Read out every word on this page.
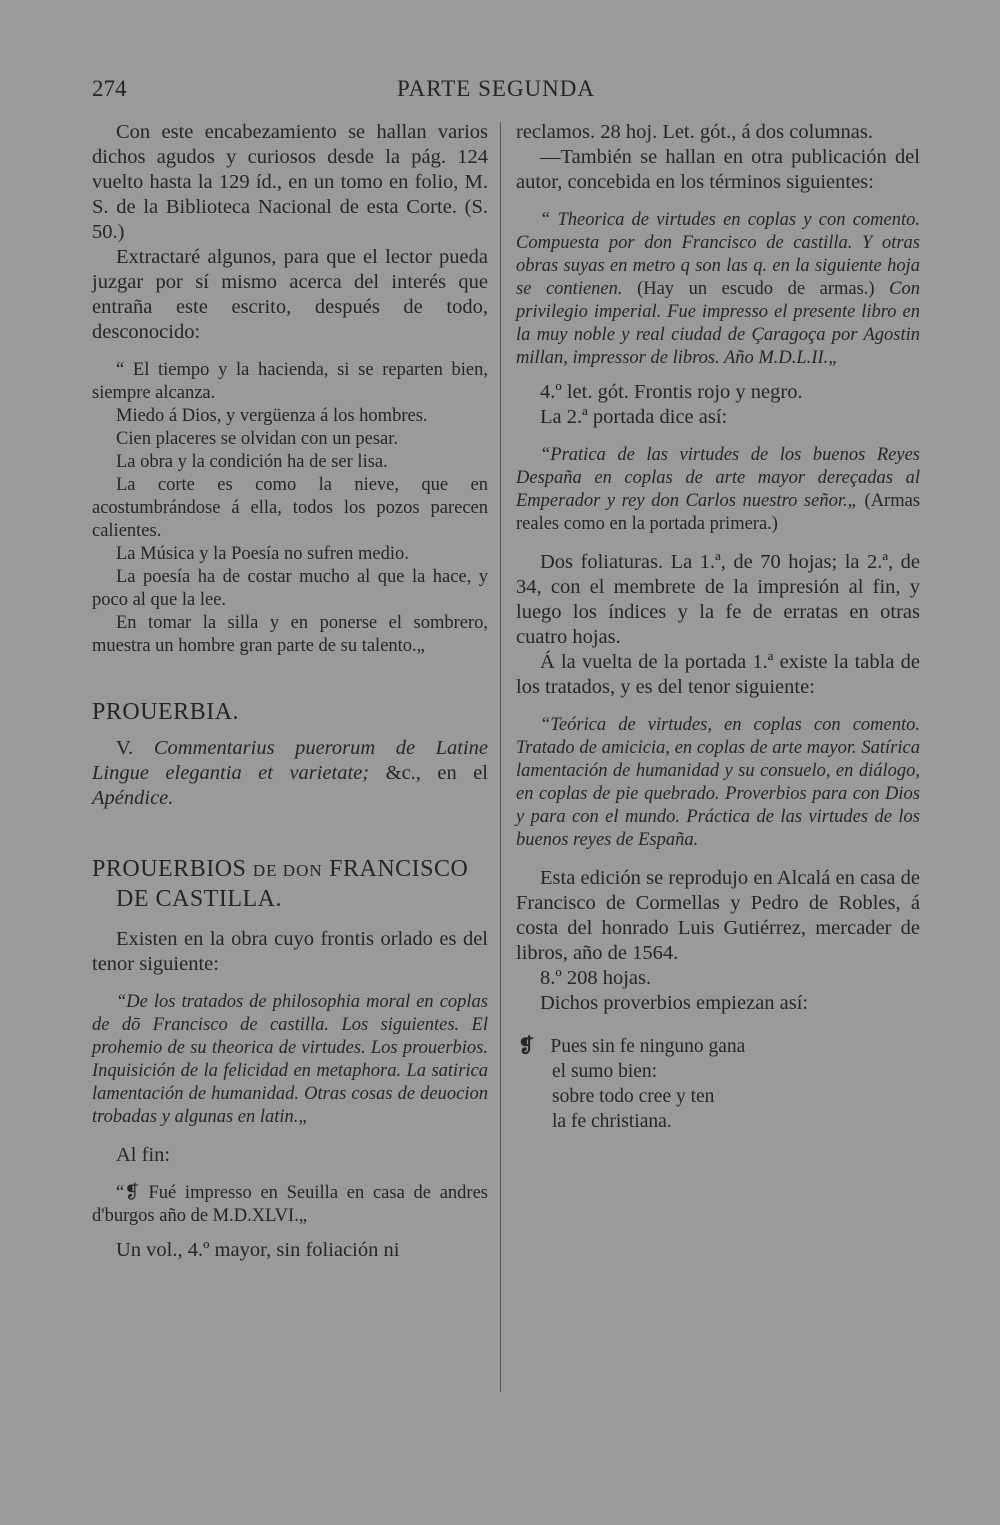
274	PARTE SEGUNDA

Con este encabezamiento se hallan varios dichos agudos y curiosos desde la pág. 124 vuelto hasta la 129 íd., en un tomo en folio, M. S. de la Biblioteca Nacional de esta Corte. (S. 50.)

Extractaré algunos, para que el lector pueda juzgar por sí mismo acerca del interés que entraña este escrito, después de todo, desconocido:

“ El tiempo y la hacienda, si se reparten bien, siempre alcanza.

Miedo á Dios, y vergüenza á los hombres.

Cien placeres se olvidan con un pesar.

La obra y la condición ha de ser lisa.

La corte es como la nieve, que en acostumbrándose á ella, todos los pozos parecen calientes.

La Música y la Poesía no sufren medio.

La poesía ha de costar mucho al que la hace, y poco al que la lee.

En tomar la silla y en ponerse el sombrero, muestra un hombre gran parte de su talento.„

PROUERBIA.

V. Commentarius puerorum de Latine Lingue elegantia et varietate; &c., en el Apéndice.

PROUERBIOS DE DON FRANCISCO
DE CASTILLA.

Existen en la obra cuyo frontis orlado es del tenor siguiente:

“De los tratados de philosophia moral en coplas de dō Francisco de castilla. Los siguientes. El prohemio de su theorica de virtudes. Los prouerbios. Inquisición de la felicidad en metaphora. La satirica lamentación de humanidad. Otras cosas de deuocion trobadas y algunas en latin.„

Al fin:

“❡ Fué impresso en Seuilla en casa de andres d'burgos año de M.D.XLVI.„

Un vol., 4.º mayor, sin foliación ni

reclamos. 28 hoj. Let. gót., á dos columnas.

—También se hallan en otra publicación del autor, concebida en los términos siguientes:

“ Theorica de virtudes en coplas y con comento. Compuesta por don Francisco de castilla. Y otras obras suyas en metro q son las q. en la siguiente hoja se contienen. (Hay un escudo de armas.) Con privilegio imperial. Fue impresso el presente libro en la muy noble y real ciudad de Çaragoça por Agostin millan, impressor de libros. Año M.D.L.II.„

4.º let. gót. Frontis rojo y negro.

La 2.ª portada dice así:

“Pratica de las virtudes de los buenos Reyes Despaña en coplas de arte mayor dereçadas al Emperador y rey don Carlos nuestro señor.„ (Armas reales como en la portada primera.)

Dos foliaturas. La 1.ª, de 70 hojas; la 2.ª, de 34, con el membrete de la impresión al fin, y luego los índices y la fe de erratas en otras cuatro hojas.

Á la vuelta de la portada 1.ª existe la tabla de los tratados, y es del tenor siguiente:

“Teórica de virtudes, en coplas con comento. Tratado de amicicia, en coplas de arte mayor. Satírica lamentación de humanidad y su consuelo, en diálogo, en coplas de pie quebrado. Proverbios para con Dios y para con el mundo. Práctica de las virtudes de los buenos reyes de España.

Esta edición se reprodujo en Alcalá en casa de Francisco de Cormellas y Pedro de Robles, á costa del honrado Luis Gutiérrez, mercader de libros, año de 1564.

8.º 208 hojas.

Dichos proverbios empiezan así:

❡ Pues sin fe ninguno gana
el sumo bien:
sobre todo cree y ten
la fe christiana.
